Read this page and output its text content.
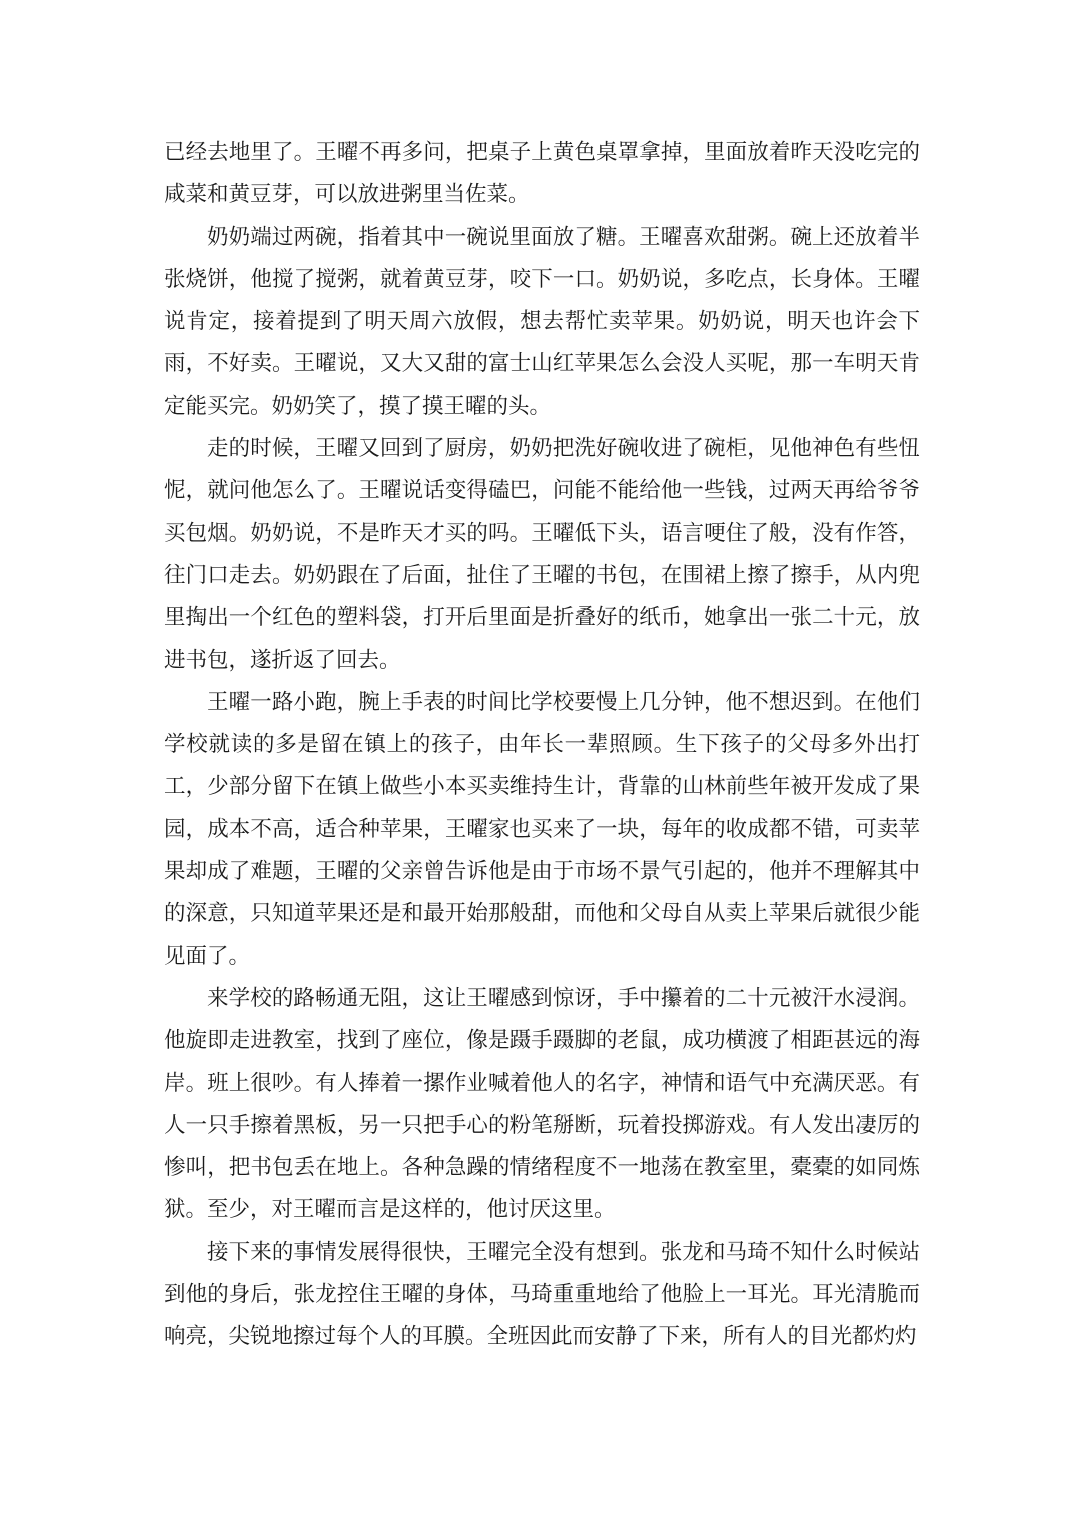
已经去地里了。王曜不再多问，把桌子上黄色桌罩拿掉，里面放着昨天没吃完的咸菜和黄豆芽，可以放进粥里当佐菜。

奶奶端过两碗，指着其中一碗说里面放了糖。王曜喜欢甜粥。碗上还放着半张烧饼，他搅了搅粥，就着黄豆芽，咬下一口。奶奶说，多吃点，长身体。王曜说肯定，接着提到了明天周六放假，想去帮忙卖苹果。奶奶说，明天也许会下雨，不好卖。王曜说，又大又甜的富士山红苹果怎么会没人买呢，那一车明天肯定能买完。奶奶笑了，摸了摸王曜的头。

走的时候，王曜又回到了厨房，奶奶把洗好碗收进了碗柜，见他神色有些忸怩，就问他怎么了。王曜说话变得磕巴，问能不能给他一些钱，过两天再给爷爷买包烟。奶奶说，不是昨天才买的吗。王曜低下头，语言哽住了般，没有作答，往门口走去。奶奶跟在了后面，扯住了王曜的书包，在围裙上擦了擦手，从内兜里掏出一个红色的塑料袋，打开后里面是折叠好的纸币，她拿出一张二十元，放进书包，遂折返了回去。

王曜一路小跑，腕上手表的时间比学校要慢上几分钟，他不想迟到。在他们学校就读的多是留在镇上的孩子，由年长一辈照顾。生下孩子的父母多外出打工，少部分留下在镇上做些小本买卖维持生计，背靠的山林前些年被开发成了果园，成本不高，适合种苹果，王曜家也买来了一块，每年的收成都不错，可卖苹果却成了难题，王曜的父亲曾告诉他是由于市场不景气引起的，他并不理解其中的深意，只知道苹果还是和最开始那般甜，而他和父母自从卖上苹果后就很少能见面了。

来学校的路畅通无阻，这让王曜感到惊讶，手中攥着的二十元被汗水浸润。他旋即走进教室，找到了座位，像是蹑手蹑脚的老鼠，成功横渡了相距甚远的海岸。班上很吵。有人捧着一摞作业喊着他人的名字，神情和语气中充满厌恶。有人一只手擦着黑板，另一只把手心的粉笔掰断，玩着投掷游戏。有人发出凄厉的惨叫，把书包丢在地上。各种急躁的情绪程度不一地荡在教室里，橐橐的如同炼狱。至少，对王曜而言是这样的，他讨厌这里。

接下来的事情发展得很快，王曜完全没有想到。张龙和马琦不知什么时候站到他的身后，张龙控住王曜的身体，马琦重重地给了他脸上一耳光。耳光清脆而响亮，尖锐地擦过每个人的耳膜。全班因此而安静了下来，所有人的目光都灼灼
